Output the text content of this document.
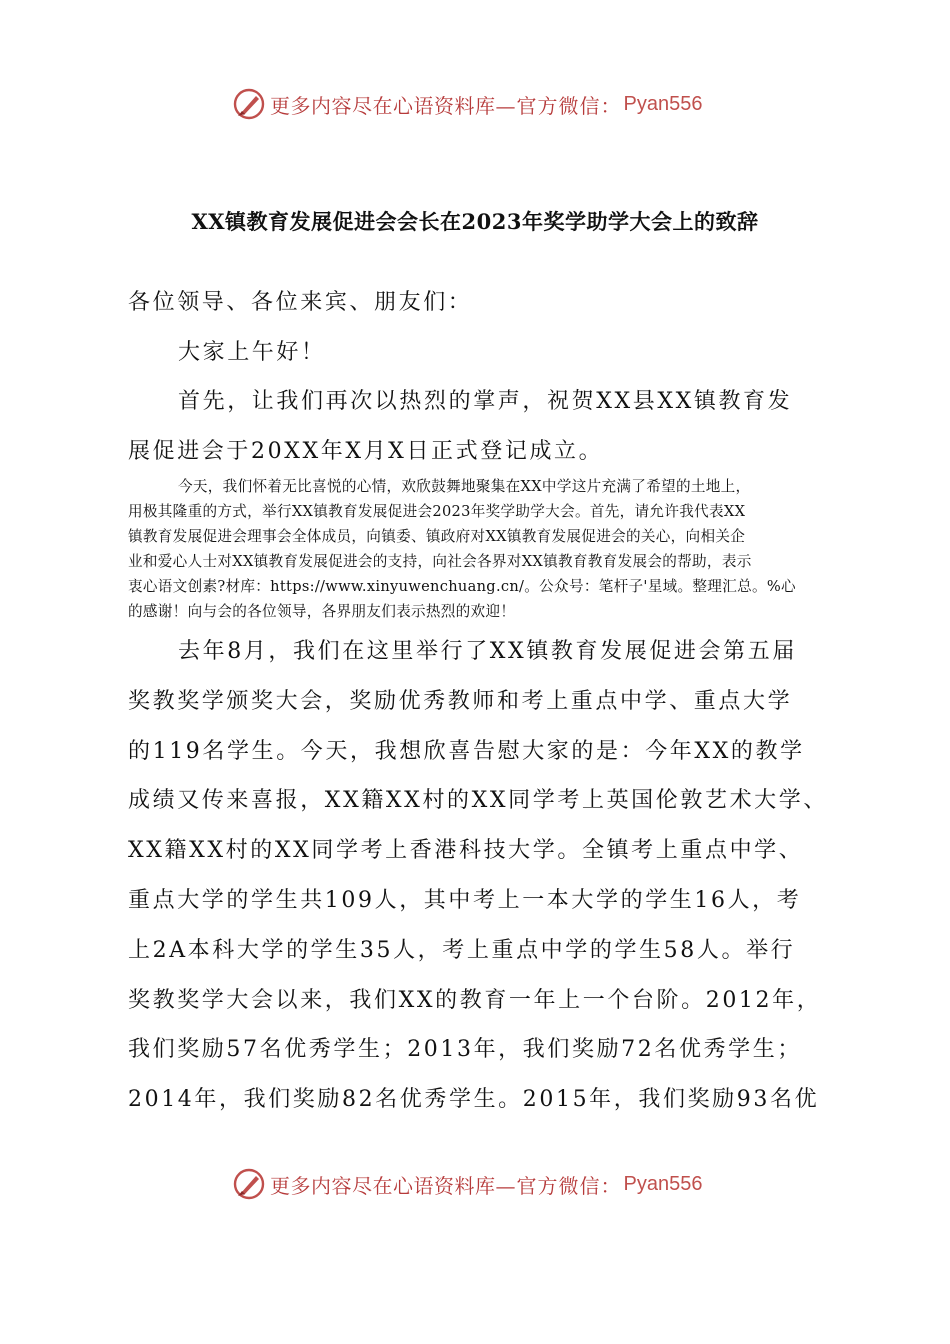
更多内容尽在心语资料库 —官方微信： Pyan556
XX镇教育发展促进会会长在2023年奖学助学大会上的致辞
各位领导、各位来宾、朋友们：
大家上午好！
首先，让我们再次以热烈的掌声，祝贺XX县XX镇教育发
展促进会于20XX年X月X日正式登记成立。
今天，我们怀着无比喜悦的心情，欢欣鼓舞地聚集在XX中学这片充满了希望的土地上，
用极其隆重的方式，举行XX镇教育发展促进会2023年奖学助学大会。首先，请允许我代表XX
镇教育发展促进会理事会全体成员，向镇委、镇政府对XX镇教育发展促进会的关心，向相关企
业和爱心人士对XX镇教育发展促进会的支持，向社会各界对XX镇教育教育发展会的帮助，表示
衷心语文创素?材库：https://www.xinyuwenchuang.cn/。公众号：笔杆子'星域。整理汇总。%心
的感谢！向与会的各位领导，各界朋友们表示热烈的欢迎！
去年8月，我们在这里举行了XX镇教育发展促进会第五届
奖教奖学颁奖大会，奖励优秀教师和考上重点中学、重点大学
的119名学生。今天，我想欣喜告慰大家的是：今年XX的教学
成绩又传来喜报，XX籍XX村的XX同学考上英国伦敦艺术大学、
XX籍XX村的XX同学考上香港科技大学。全镇考上重点中学、
重点大学的学生共109人，其中考上一本大学的学生16人，考
上2A本科大学的学生35人，考上重点中学的学生58人。举行
奖教奖学大会以来，我们XX的教育一年上一个台阶。2012年，
我们奖励57名优秀学生；2013年，我们奖励72名优秀学生；
2014年，我们奖励82名优秀学生。2015年，我们奖励93名优
更多内容尽在心语资料库 —官方微信： Pyan556
